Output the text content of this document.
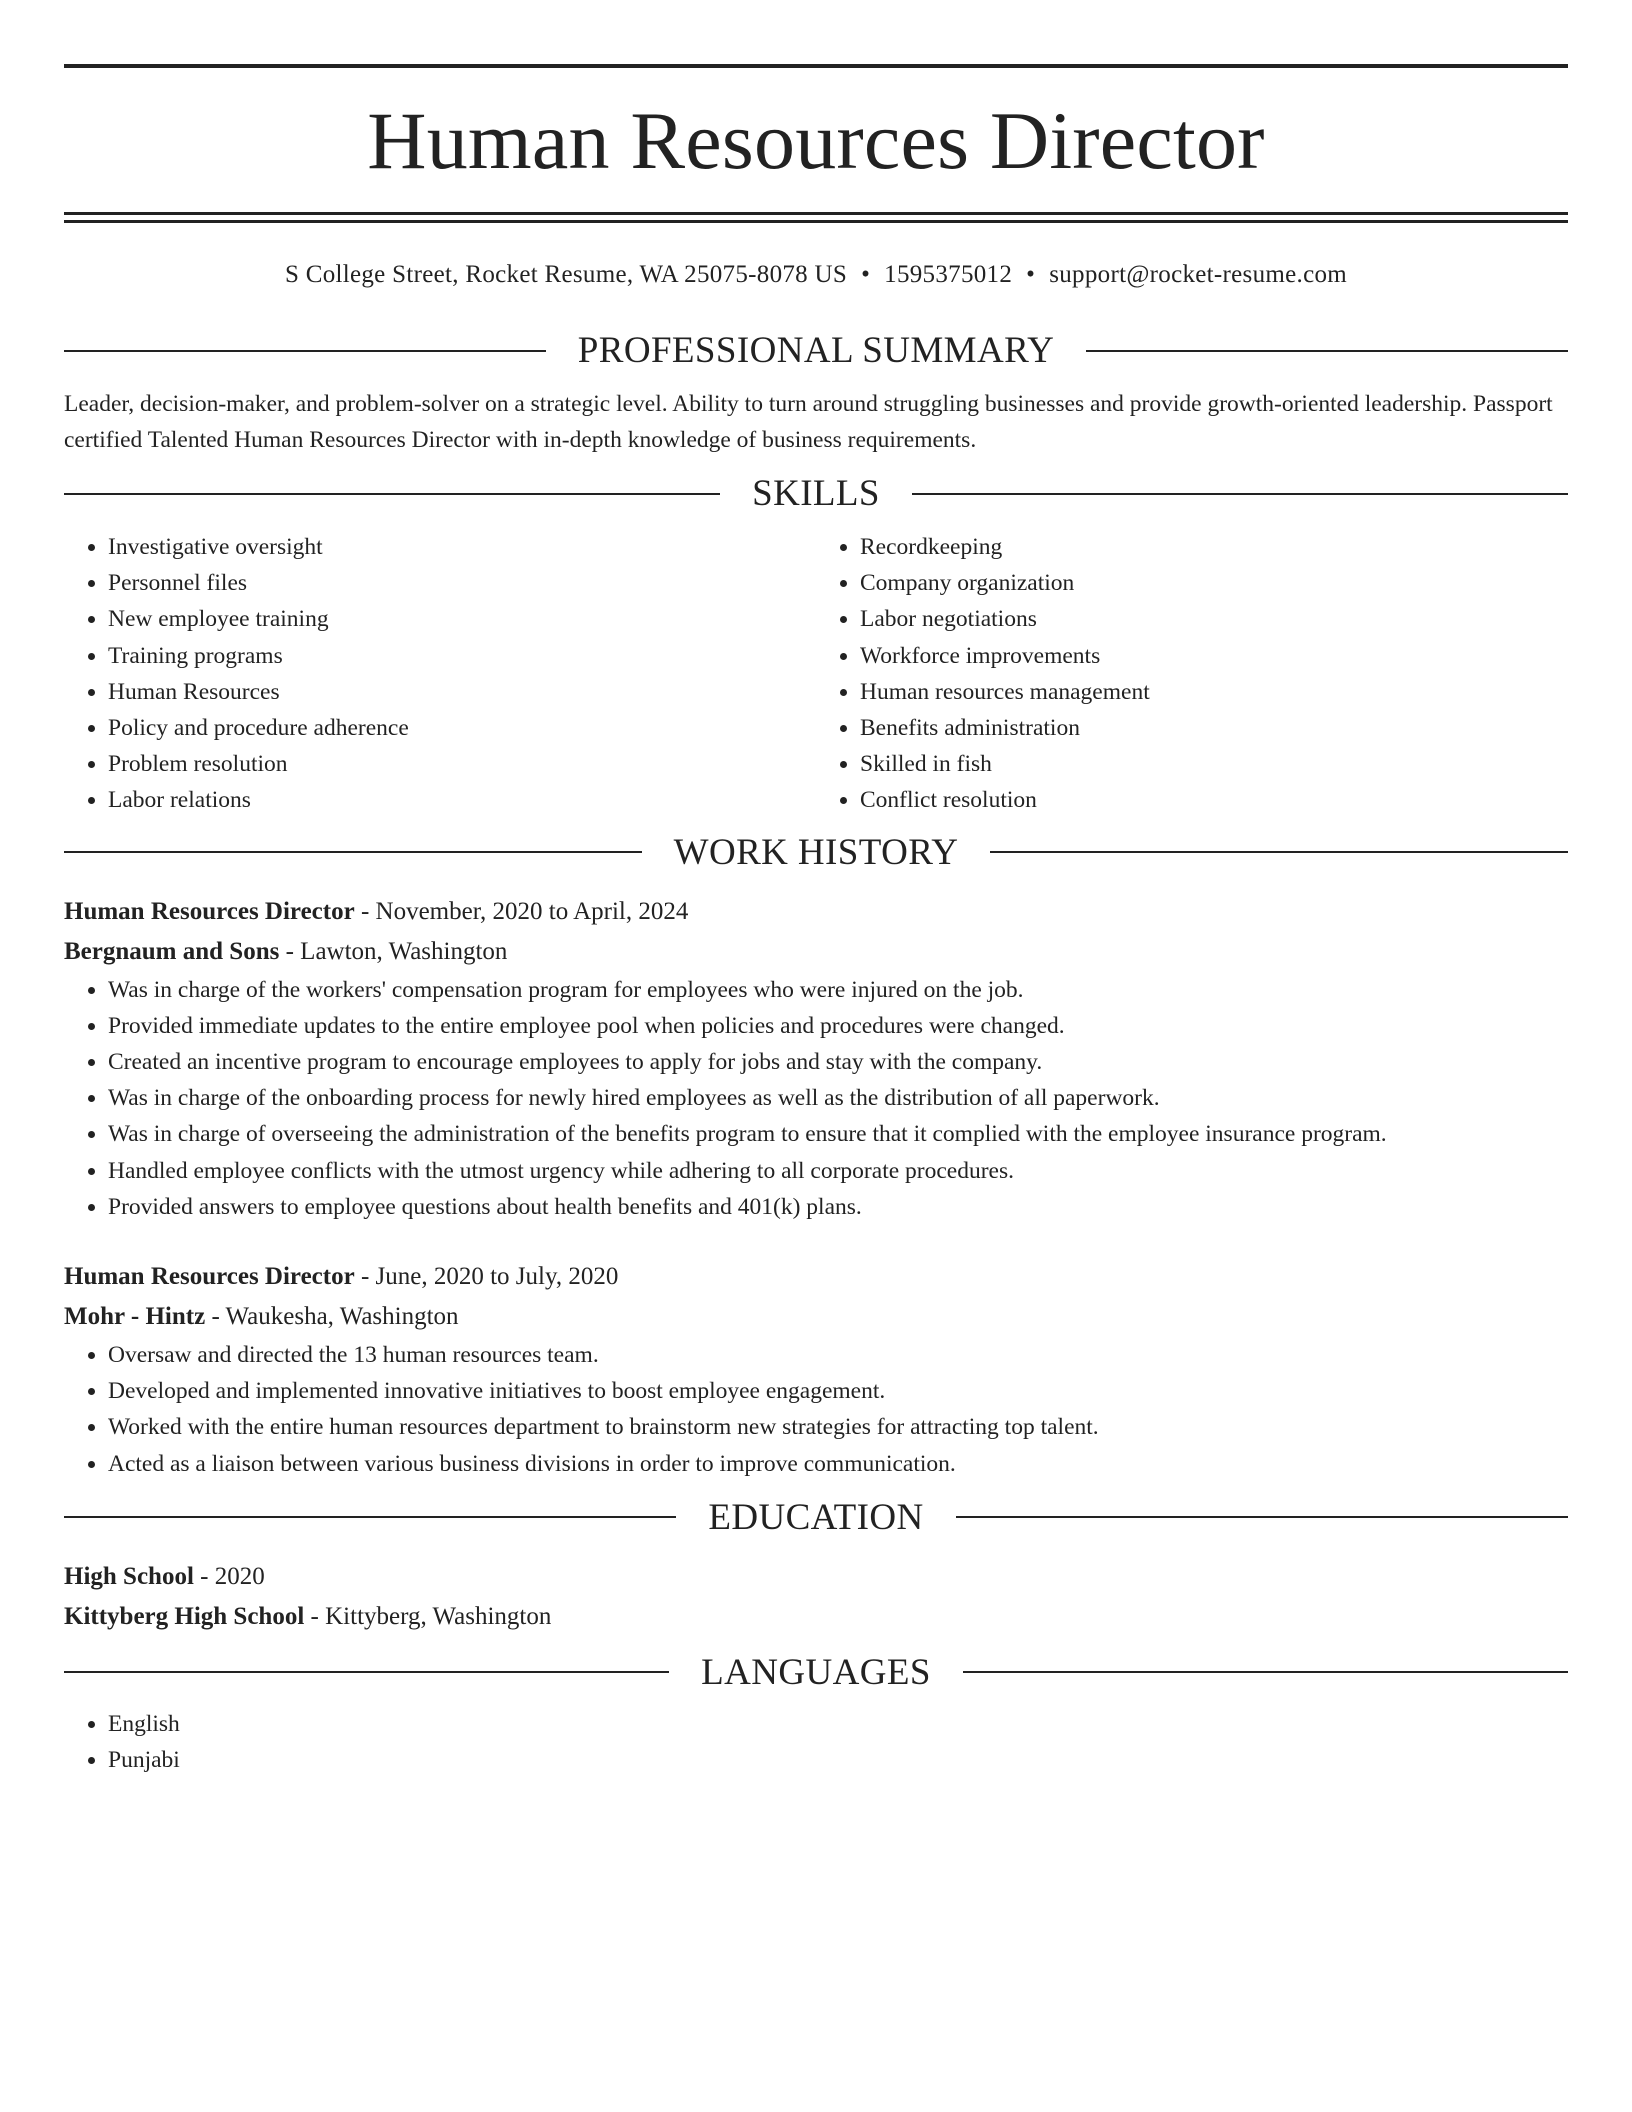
Human Resources Director
S College Street, Rocket Resume, WA 25075-8078 US • 1595375012 • support@rocket-resume.com
PROFESSIONAL SUMMARY
Leader, decision-maker, and problem-solver on a strategic level. Ability to turn around struggling businesses and provide growth-oriented leadership. Passport certified Talented Human Resources Director with in-depth knowledge of business requirements.
SKILLS
• Investigative oversight
• Personnel files
• New employee training
• Training programs
• Human Resources
• Policy and procedure adherence
• Problem resolution
• Labor relations
• Recordkeeping
• Company organization
• Labor negotiations
• Workforce improvements
• Human resources management
• Benefits administration
• Skilled in fish
• Conflict resolution
WORK HISTORY
Human Resources Director - November, 2020 to April, 2024
Bergnaum and Sons - Lawton, Washington
• Was in charge of the workers' compensation program for employees who were injured on the job.
• Provided immediate updates to the entire employee pool when policies and procedures were changed.
• Created an incentive program to encourage employees to apply for jobs and stay with the company.
• Was in charge of the onboarding process for newly hired employees as well as the distribution of all paperwork.
• Was in charge of overseeing the administration of the benefits program to ensure that it complied with the employee insurance program.
• Handled employee conflicts with the utmost urgency while adhering to all corporate procedures.
• Provided answers to employee questions about health benefits and 401(k) plans.
Human Resources Director - June, 2020 to July, 2020
Mohr - Hintz - Waukesha, Washington
• Oversaw and directed the 13 human resources team.
• Developed and implemented innovative initiatives to boost employee engagement.
• Worked with the entire human resources department to brainstorm new strategies for attracting top talent.
• Acted as a liaison between various business divisions in order to improve communication.
EDUCATION
High School - 2020
Kittyberg High School - Kittyberg, Washington
LANGUAGES
• English
• Punjabi
